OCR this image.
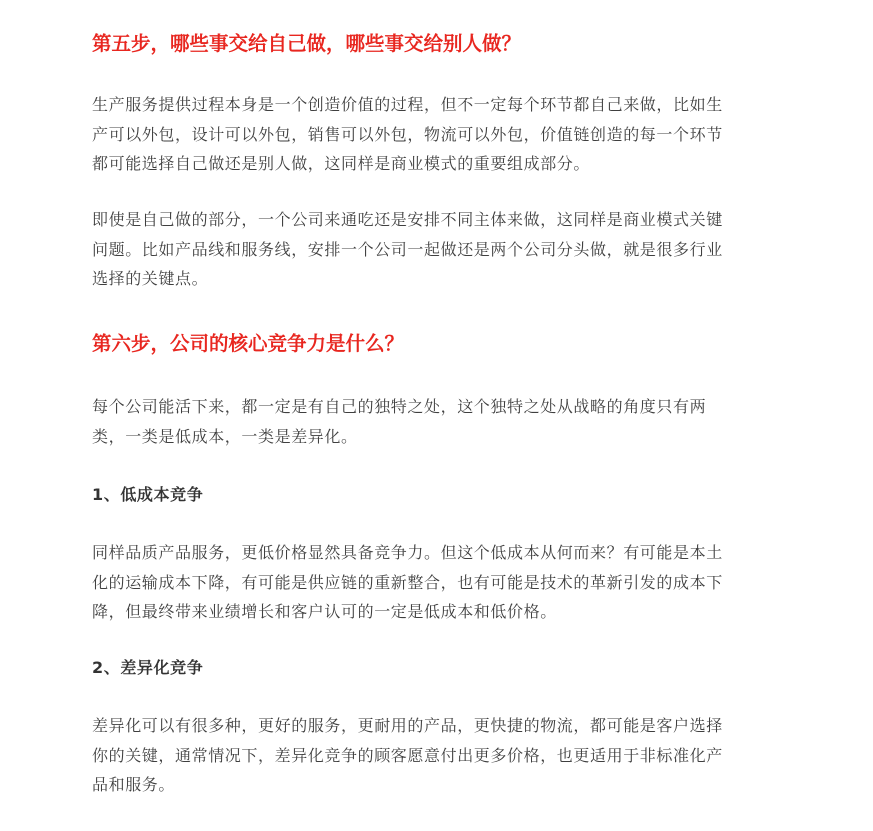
第五步，哪些事交给自己做，哪些事交给别人做？

生产服务提供过程本身是一个创造价值的过程，但不一定每个环节都自己来做，比如生
产可以外包，设计可以外包，销售可以外包，物流可以外包，价值链创造的每一个环节
都可能选择自己做还是别人做，这同样是商业模式的重要组成部分。

即使是自己做的部分，一个公司来通吃还是安排不同主体来做，这同样是商业模式关键
问题。比如产品线和服务线，安排一个公司一起做还是两个公司分头做，就是很多行业
选择的关键点。

第六步，公司的核心竞争力是什么？

每个公司能活下来，都一定是有自己的独特之处，这个独特之处从战略的角度只有两
类，一类是低成本，一类是差异化。

1、低成本竞争

同样品质产品服务，更低价格显然具备竞争力。但这个低成本从何而来？有可能是本土
化的运输成本下降，有可能是供应链的重新整合，也有可能是技术的革新引发的成本下
降，但最终带来业绩增长和客户认可的一定是低成本和低价格。

2、差异化竞争

差异化可以有很多种，更好的服务，更耐用的产品，更快捷的物流，都可能是客户选择
你的关键，通常情况下，差异化竞争的顾客愿意付出更多价格，也更适用于非标准化产
品和服务。
